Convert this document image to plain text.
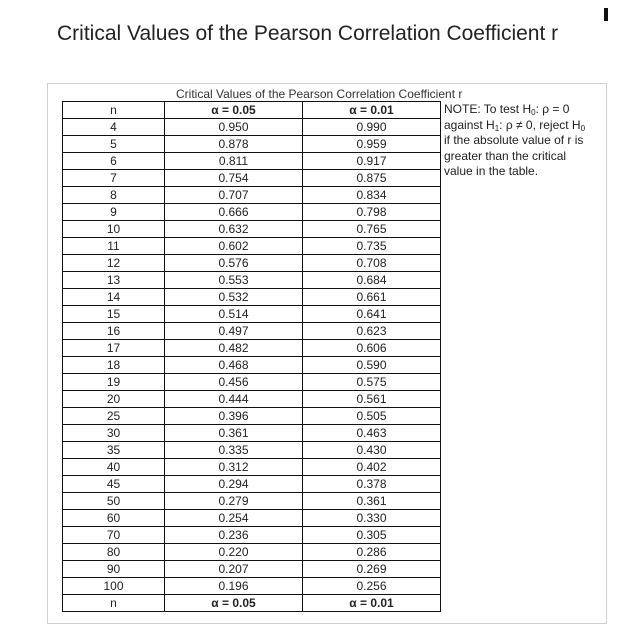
Critical Values of the Pearson Correlation Coefficient r
Critical Values of the Pearson Correlation Coefficient r
n	α = 0.05	α = 0.01
4	0.950	0.990
5	0.878	0.959
6	0.811	0.917
7	0.754	0.875
8	0.707	0.834
9	0.666	0.798
10	0.632	0.765
11	0.602	0.735
12	0.576	0.708
13	0.553	0.684
14	0.532	0.661
15	0.514	0.641
16	0.497	0.623
17	0.482	0.606
18	0.468	0.590
19	0.456	0.575
20	0.444	0.561
25	0.396	0.505
30	0.361	0.463
35	0.335	0.430
40	0.312	0.402
45	0.294	0.378
50	0.279	0.361
60	0.254	0.330
70	0.236	0.305
80	0.220	0.286
90	0.207	0.269
100	0.196	0.256
n	α = 0.05	α = 0.01
NOTE: To test $H_0$: ρ = 0
against $H_1$: ρ ≠ 0, reject $H_0$
if the absolute value of r is
greater than the critical
value in the table.
